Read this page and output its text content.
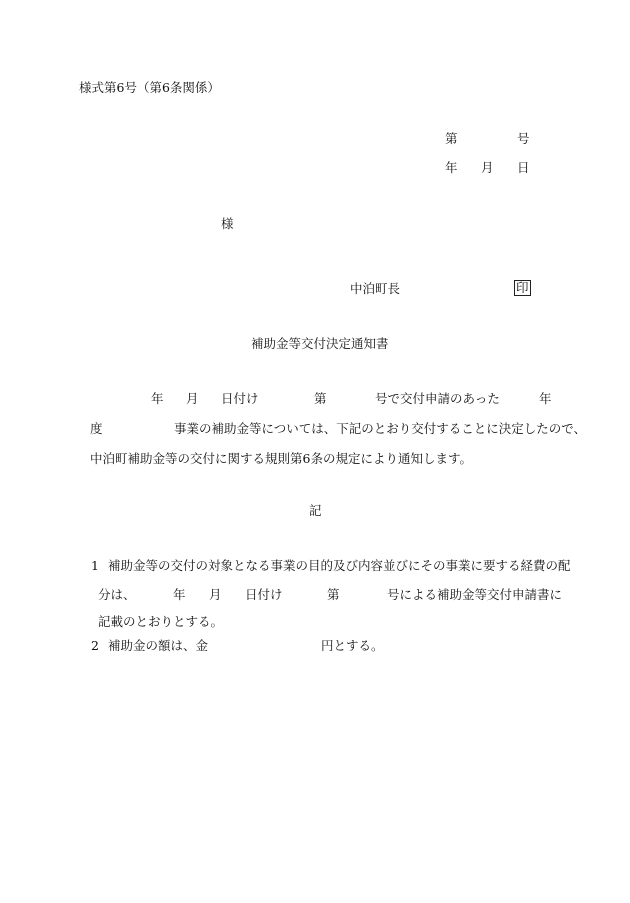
様式第6号（第6条関係）
第	号
年 月 日
様
中泊町長	印
補助金等交付決定通知書
年 月 日付け	第	号で交付申請のあった	年
度	事業の補助金等については、下記のとおり交付することに決定したので、
中泊町補助金等の交付に関する規則第6条の規定により通知します。
記
1 補助金等の交付の対象となる事業の目的及び内容並びにその事業に要する経費の配
分は、	年 月 日付け	第	号による補助金等交付申請書に
記載のとおりとする。
2 補助金の額は、金	円とする。
